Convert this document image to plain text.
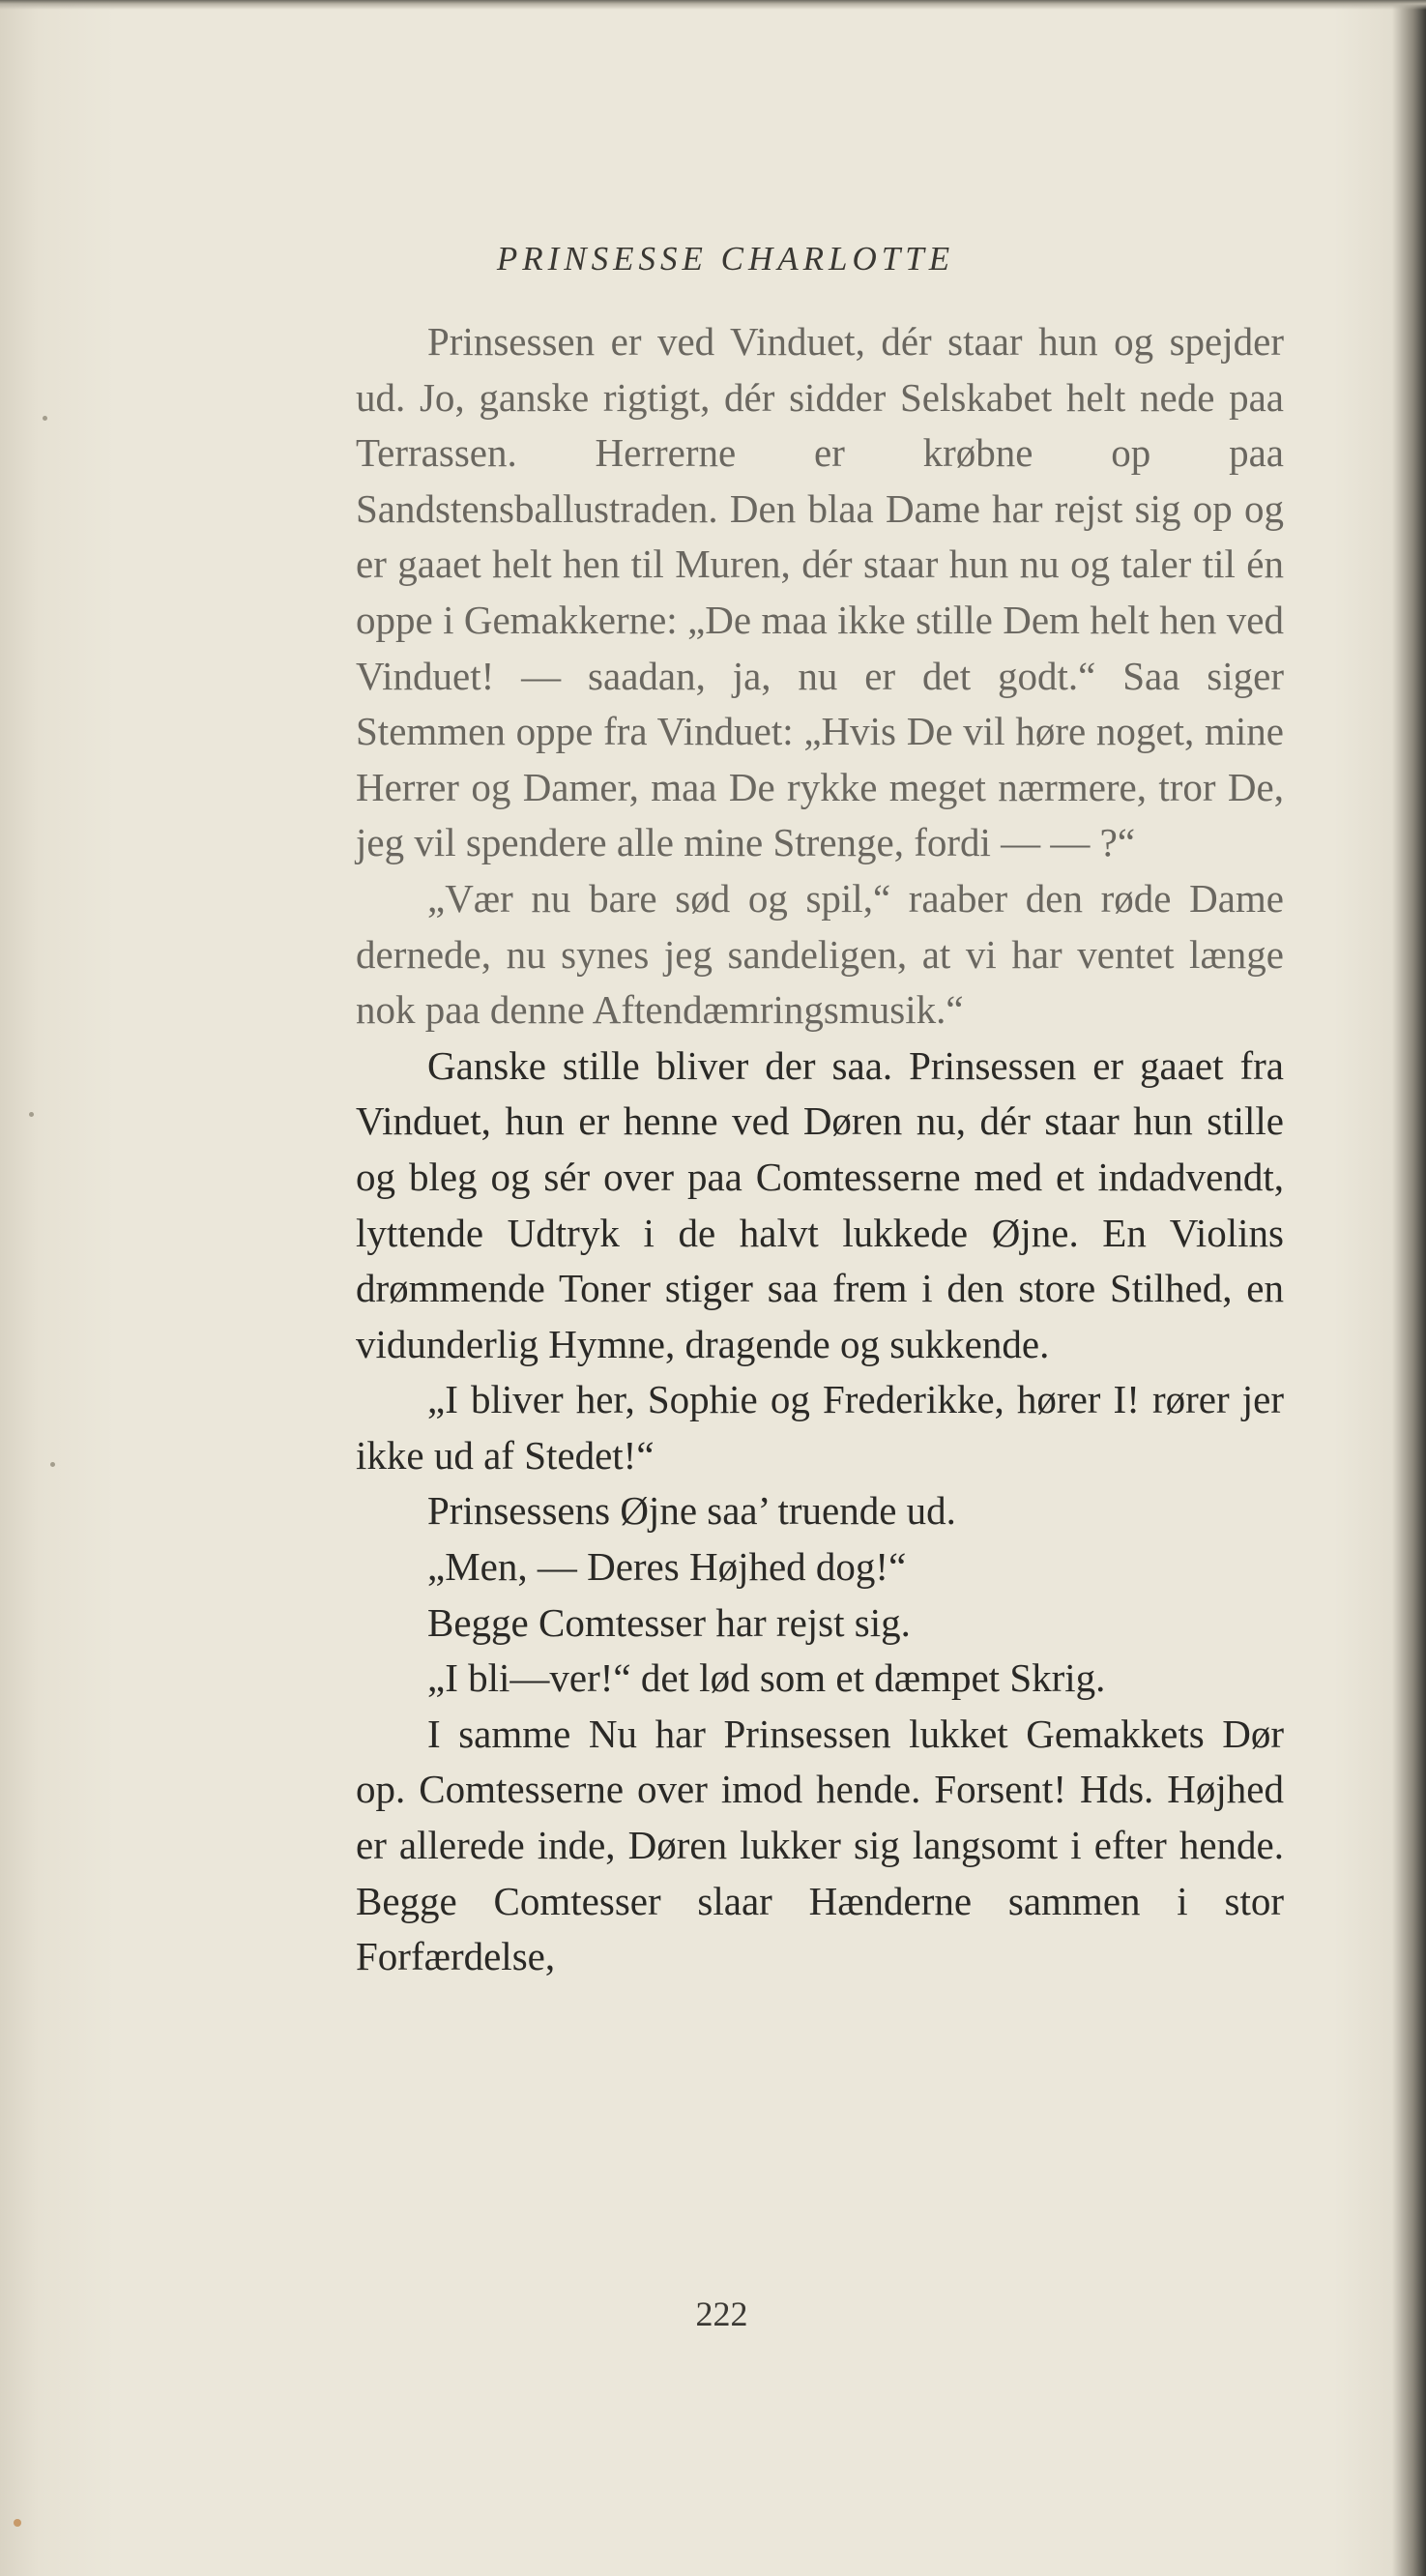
PRINSESSE CHARLOTTE

Prinsessen er ved Vinduet, dér staar hun og spejder ud. Jo, ganske rigtigt, dér sidder Selskabet helt nede paa Terrassen. Herrerne er krøbne op paa Sandstensballustraden. Den blaa Dame har rejst sig op og er gaaet helt hen til Muren, dér staar hun nu og taler til én oppe i Gemakkerne: „De maa ikke stille Dem helt hen ved Vinduet! — saadan, ja, nu er det godt.“ Saa siger Stemmen oppe fra Vinduet: „Hvis De vil høre noget, mine Herrer og Damer, maa De rykke meget nærmere, tror De, jeg vil spendere alle mine Strenge, fordi — — ?“

„Vær nu bare sød og spil,“ raaber den røde Dame dernede, nu synes jeg sandeligen, at vi har ventet længe nok paa denne Aftendæmringsmusik.“

Ganske stille bliver der saa. Prinsessen er gaaet fra Vinduet, hun er henne ved Døren nu, dér staar hun stille og bleg og sér over paa Comtesserne med et indadvendt, lyttende Udtryk i de halvt lukkede Øjne. En Violins drømmende Toner stiger saa frem i den store Stilhed, en vidunderlig Hymne, dragende og sukkende.

„I bliver her, Sophie og Frederikke, hører I! rører jer ikke ud af Stedet!“

Prinsessens Øjne saa’ truende ud.

„Men, — Deres Højhed dog!“

Begge Comtesser har rejst sig.

„I bli—ver!“ det lød som et dæmpet Skrig.

I samme Nu har Prinsessen lukket Gemakkets Dør op. Comtesserne over imod hende. Forsent! Hds. Højhed er allerede inde, Døren lukker sig langsomt i efter hende. Begge Comtesser slaar Hænderne sammen i stor Forfærdelse,

222
